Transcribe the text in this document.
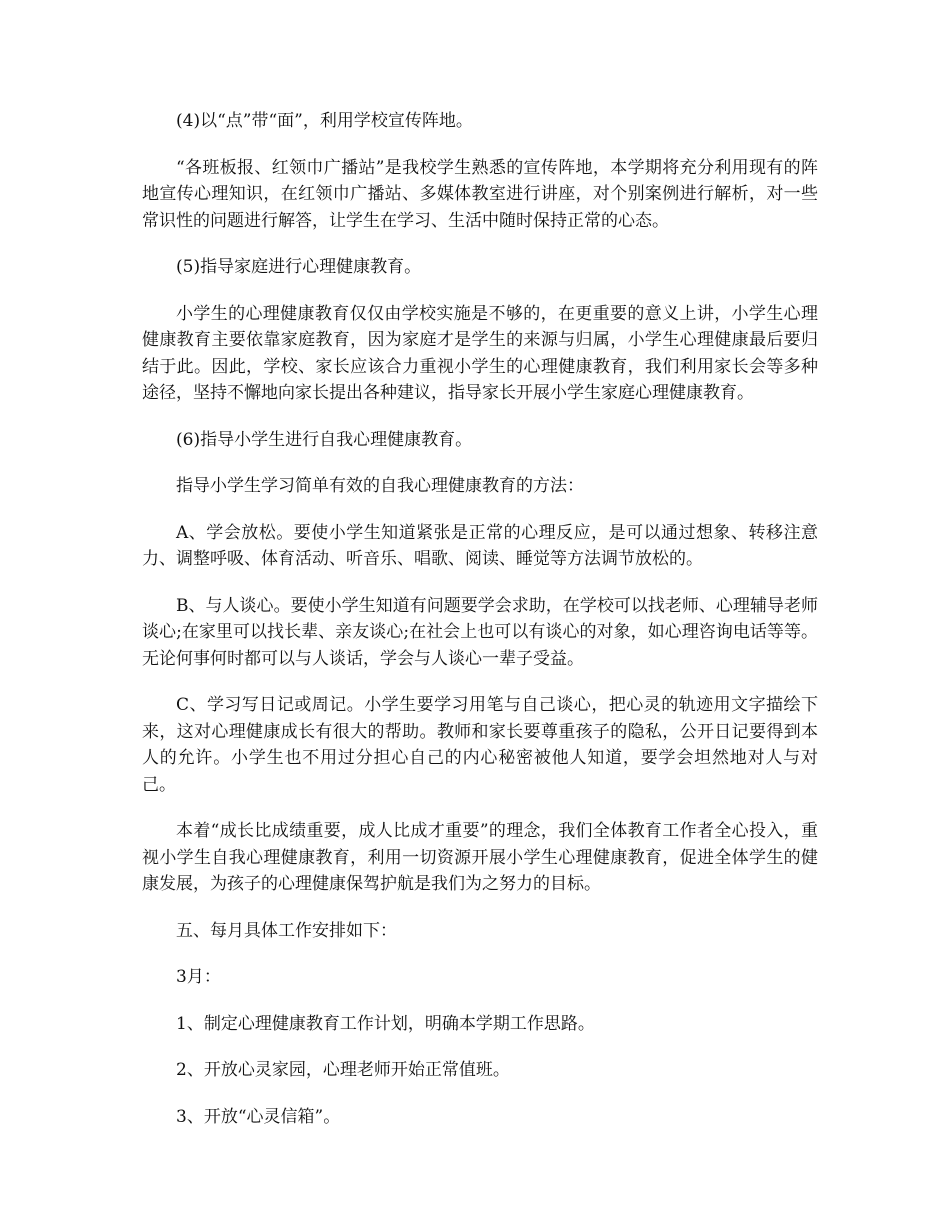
(4)以“点”带“面”，利用学校宣传阵地。

“各班板报、红领巾广播站”是我校学生熟悉的宣传阵地，本学期将充分利用现有的阵地宣传心理知识，在红领巾广播站、多媒体教室进行讲座，对个别案例进行解析，对一些常识性的问题进行解答，让学生在学习、生活中随时保持正常的心态。

(5)指导家庭进行心理健康教育。

小学生的心理健康教育仅仅由学校实施是不够的，在更重要的意义上讲，小学生心理健康教育主要依靠家庭教育，因为家庭才是学生的来源与归属，小学生心理健康最后要归结于此。因此，学校、家长应该合力重视小学生的心理健康教育，我们利用家长会等多种途径，坚持不懈地向家长提出各种建议，指导家长开展小学生家庭心理健康教育。

(6)指导小学生进行自我心理健康教育。

指导小学生学习简单有效的自我心理健康教育的方法：

A、学会放松。要使小学生知道紧张是正常的心理反应，是可以通过想象、转移注意力、调整呼吸、体育活动、听音乐、唱歌、阅读、睡觉等方法调节放松的。

B、与人谈心。要使小学生知道有问题要学会求助，在学校可以找老师、心理辅导老师谈心;在家里可以找长辈、亲友谈心;在社会上也可以有谈心的对象，如心理咨询电话等等。无论何事何时都可以与人谈话，学会与人谈心一辈子受益。

C、学习写日记或周记。小学生要学习用笔与自己谈心，把心灵的轨迹用文字描绘下来，这对心理健康成长有很大的帮助。教师和家长要尊重孩子的隐私，公开日记要得到本人的允许。小学生也不用过分担心自己的内心秘密被他人知道，要学会坦然地对人与对己。

本着“成长比成绩重要，成人比成才重要”的理念，我们全体教育工作者全心投入，重视小学生自我心理健康教育，利用一切资源开展小学生心理健康教育，促进全体学生的健康发展，为孩子的心理健康保驾护航是我们为之努力的目标。

五、每月具体工作安排如下：

3月：

1、制定心理健康教育工作计划，明确本学期工作思路。

2、开放心灵家园，心理老师开始正常值班。

3、开放“心灵信箱”。
